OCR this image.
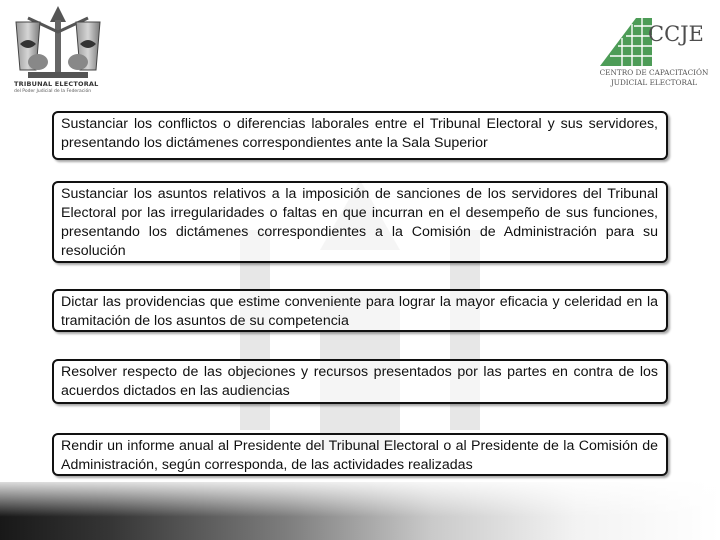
TRIBUNAL ELECTORAL
del Poder Judicial de la Federación
CCJE
CENTRO DE CAPACITACIÓN
JUDICIAL ELECTORAL
Sustanciar los conflictos o diferencias laborales entre el Tribunal Electoral y sus servidores, presentando los dictámenes correspondientes ante la Sala Superior
Sustanciar los asuntos relativos a la imposición de sanciones de los servidores del Tribunal Electoral por las irregularidades o faltas en que incurran en el desempeño de sus funciones, presentando los dictámenes correspondientes a la Comisión de Administración para su resolución
Dictar las providencias que estime conveniente para lograr la mayor eficacia y celeridad en la tramitación de los asuntos de su competencia
Resolver respecto de las objeciones y recursos presentados por las partes en contra de los acuerdos dictados en las audiencias
Rendir un informe anual al Presidente del Tribunal Electoral o al Presidente de la Comisión de Administración, según corresponda, de las actividades realizadas
